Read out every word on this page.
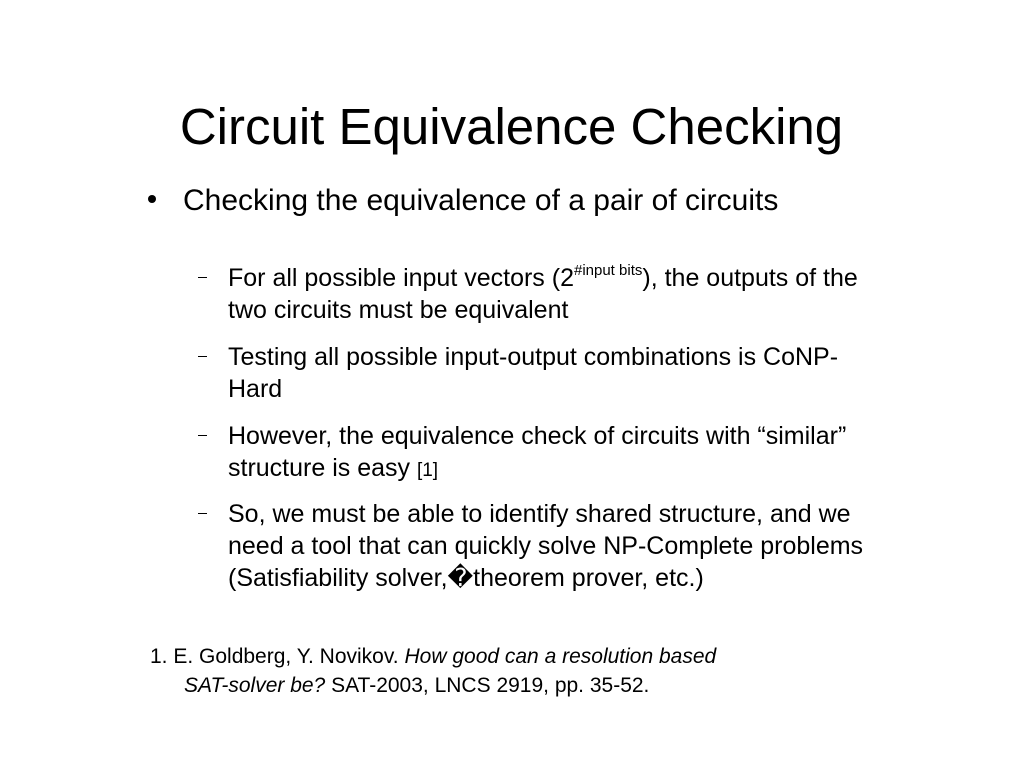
Circuit Equivalence Checking
Checking the equivalence of a pair of circuits
For all possible input vectors $(2^{\#input bits})$, the outputs of the two circuits must be equivalent
Testing all possible input-output combinations is CoNP-Hard
However, the equivalence check of circuits with “similar” structure is easy [1]
So, we must be able to identify shared structure, and we need a tool that can quickly solve NP-Complete problems (Satisfiability solver,�theorem prover, etc.)
1. E. Goldberg, Y. Novikov. How good can a resolution based
SAT-solver be? SAT-2003, LNCS 2919, pp. 35-52.
